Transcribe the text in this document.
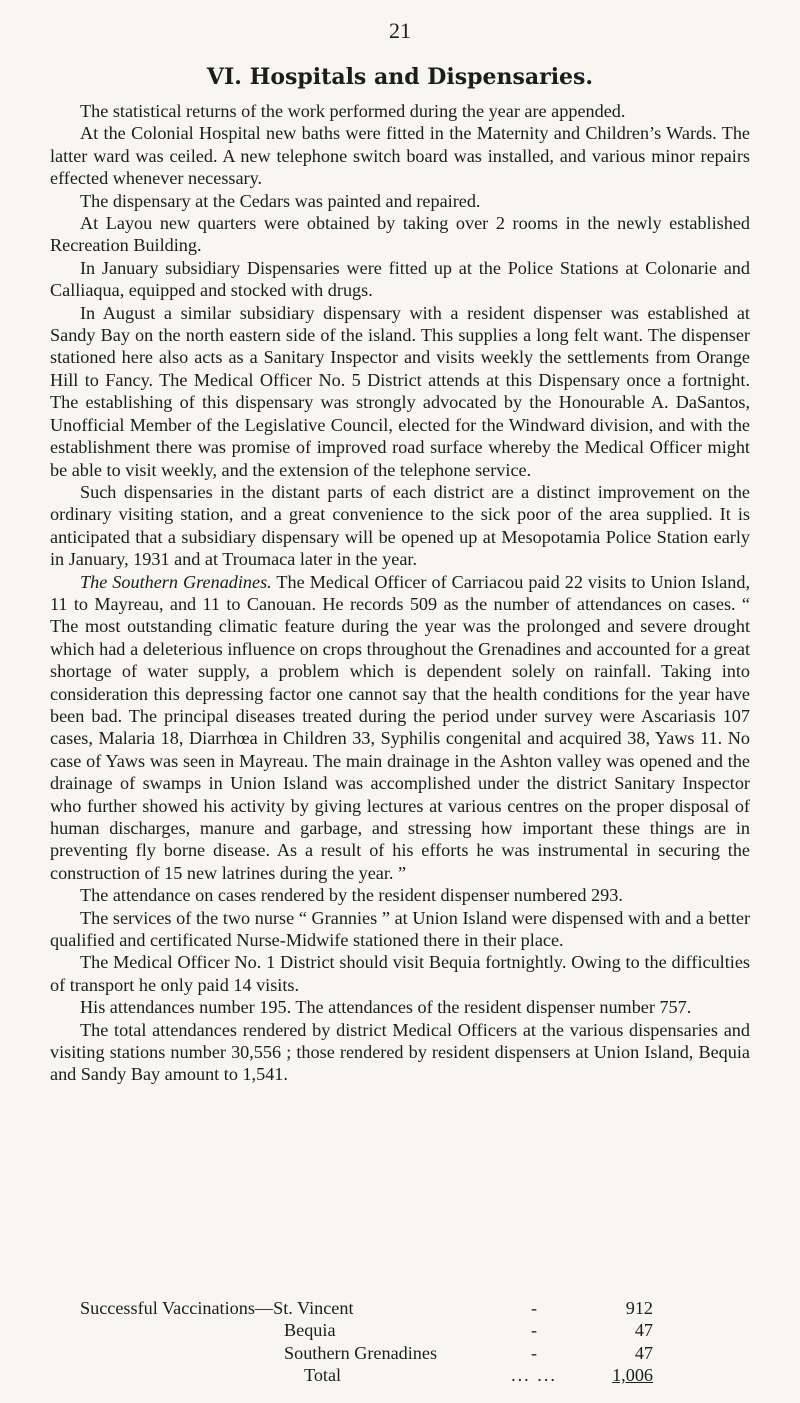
21
VI. Hospitals and Dispensaries.

The statistical returns of the work performed during the year are appended.

At the Colonial Hospital new baths were fitted in the Maternity and Children’s Wards. The latter ward was ceiled. A new telephone switch board was installed, and various minor repairs effected whenever necessary.

The dispensary at the Cedars was painted and repaired.

At Layou new quarters were obtained by taking over 2 rooms in the newly established Recreation Building.

In January subsidiary Dispensaries were fitted up at the Police Stations at Colonarie and Calliaqua, equipped and stocked with drugs.

In August a similar subsidiary dispensary with a resident dispenser was established at Sandy Bay on the north eastern side of the island. This supplies a long felt want. The dispenser stationed here also acts as a Sanitary Inspector and visits weekly the settlements from Orange Hill to Fancy. The Medical Officer No. 5 District attends at this Dispensary once a fortnight. The establishing of this dispensary was strongly advocated by the Honourable A. DaSantos, Unofficial Member of the Legislative Council, elected for the Windward division, and with the establishment there was promise of improved road surface whereby the Medical Officer might be able to visit weekly, and the extension of the telephone service.

Such dispensaries in the distant parts of each district are a distinct improvement on the ordinary visiting station, and a great convenience to the sick poor of the area supplied. It is anticipated that a subsidiary dispensary will be opened up at Mesopotamia Police Station early in January, 1931 and at Troumaca later in the year.

The Southern Grenadines. The Medical Officer of Carriacou paid 22 visits to Union Island, 11 to Mayreau, and 11 to Canouan. He records 509 as the number of attendances on cases. “ The most outstanding climatic feature during the year was the prolonged and severe drought which had a deleterious influence on crops throughout the Grenadines and accounted for a great shortage of water supply, a problem which is dependent solely on rainfall. Taking into consideration this depressing factor one cannot say that the health conditions for the year have been bad. The principal diseases treated during the period under survey were Ascariasis 107 cases, Malaria 18, Diarrhœa in Children 33, Syphilis congenital and acquired 38, Yaws 11. No case of Yaws was seen in Mayreau. The main drainage in the Ashton valley was opened and the drainage of swamps in Union Island was accomplished under the district Sanitary Inspector who further showed his activity by giving lectures at various centres on the proper disposal of human discharges, manure and garbage, and stressing how important these things are in preventing fly borne disease. As a result of his efforts he was instrumental in securing the construction of 15 new latrines during the year. ”

The attendance on cases rendered by the resident dispenser numbered 293.

The services of the two nurse “ Grannies ” at Union Island were dispensed with and a better qualified and certificated Nurse-Midwife stationed there in their place.

The Medical Officer No. 1 District should visit Bequia fortnightly. Owing to the difficulties of transport he only paid 14 visits.

His attendances number 195. The attendances of the resident dispenser number 757.

The total attendances rendered by district Medical Officers at the various dispensaries and visiting stations number 30,556 ; those rendered by resident dispensers at Union Island, Bequia and Sandy Bay amount to 1,541.

Successful Vaccinations—St. Vincent	-	912
Bequia	-	47
Southern Grenadines	-	47
Total	... ...	1,006
